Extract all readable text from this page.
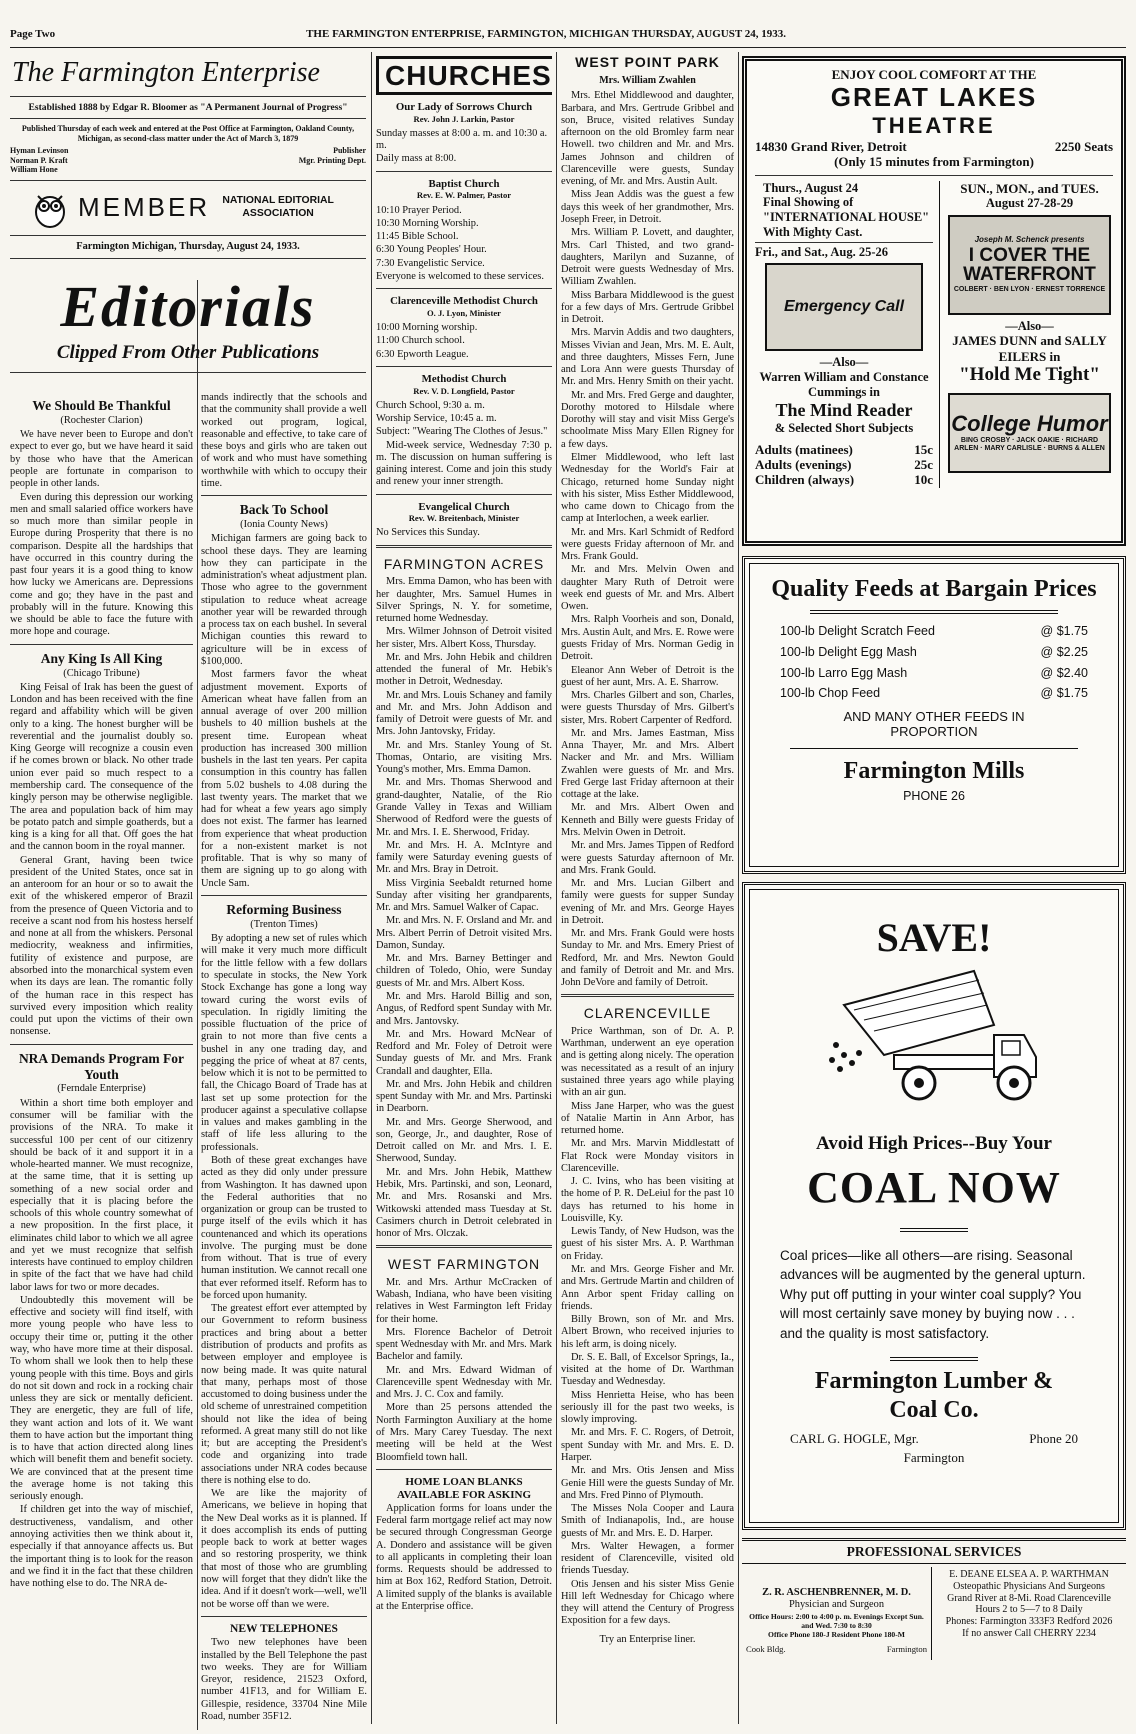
Page Two	THE FARMINGTON ENTERPRISE, FARMINGTON, MICHIGAN THURSDAY, AUGUST 24, 1933.
The Farmington Enterprise
Established 1888 by Edgar R. Bloomer as "A Permanent Journal of Progress"
Published Thursday of each week and entered at the Post Office at Farmington, Oakland County, Michigan, as second-class matter under the Act of March 3, 1879
Hyman Levinson
Norman P. Kraft
William Hone
Publisher
Mgr. Printing Dept.
MEMBER	NATIONAL EDITORIAL ASSOCIATION
Farmington Michigan, Thursday, August 24, 1933.
Editorials
Clipped From Other Publications
We Should Be Thankful
(Rochester Clarion)

We have never been to Europe and don't expect to ever go, but we have heard it said by those who have that the American people are fortunate in comparison to people in other lands.

Even during this depression our working men and small salaried office workers have so much more than similar people in Europe during Prosperity that there is no comparison. Despite all the hardships that have occurred in this country during the past four years it is a good thing to know how lucky we Americans are. Depressions come and go; they have in the past and probably will in the future. Knowing this we should be able to face the future with more hope and courage.

Any King Is All King
(Chicago Tribune)

King Feisal of Irak has been the guest of London and has been received with the fine regard and affability which will be given only to a king. The honest burgher will be reverential and the journalist doubly so. King George will recognize a cousin even if he comes brown or black. No other trade union ever paid so much respect to a membership card. The consequence of the kingly person may be otherwise negligible. The area and population back of him may be potato patch and simple goatherds, but a king is a king for all that. Off goes the hat and the cannon boom in the royal manner.

General Grant, having been twice president of the United States, once sat in an anteroom for an hour or so to await the exit of the whiskered emperor of Brazil from the presence of Queen Victoria and to receive a scant nod from his hostess herself and none at all from the whiskers. Personal mediocrity, weakness and infirmities, futility of existence and purpose, are absorbed into the monarchical system even when its days are lean. The romantic folly of the human race in this respect has survived every imposition which reality could put upon the victims of their own nonsense.

NRA Demands Program For Youth
(Ferndale Enterprise)

Within a short time both employer and consumer will be familiar with the provisions of the NRA. To make it successful 100 per cent of our citizenry should be back of it and support it in a whole-hearted manner. We must recognize, at the same time, that it is setting up something of a new social order and especially that it is placing before the schools of this whole country somewhat of a new proposition. In the first place, it eliminates child labor to which we all agree and yet we must recognize that selfish interests have continued to employ children in spite of the fact that we have had child labor laws for two or more decades.

Undoubtedly this movement will be effective and society will find itself, with more young people who have less to occupy their time or, putting it the other way, who have more time at their disposal. To whom shall we look then to help these young people with this time. Boys and girls do not sit down and rock in a rocking chair unless they are sick or mentally deficient. They are energetic, they are full of life, they want action and lots of it. We want them to have action but the important thing is to have that action directed along lines which will benefit them and benefit society. We are convinced that at the present time the average home is not taking this seriously enough.

If children get into the way of mischief, destructiveness, vandalism, and other annoying activities then we think about it, especially if that annoyance affects us. But the important thing is to look for the reason and we find it in the fact that these children have nothing else to do. The NRA de-

mands indirectly that the schools and that the community shall provide a well worked out program, logical, reasonable and effective, to take care of these boys and girls who are taken out of work and who must have something worthwhile with which to occupy their time.

Back To School
(Ionia County News)

Michigan farmers are going back to school these days. They are learning how they can participate in the administration's wheat adjustment plan. Those who agree to the government stipulation to reduce wheat acreage another year will be rewarded through a process tax on each bushel. In several Michigan counties this reward to agriculture will be in excess of $100,000.

Most farmers favor the wheat adjustment movement. Exports of American wheat have fallen from an annual average of over 200 million bushels to 40 million bushels at the present time. European wheat production has increased 300 million bushels in the last ten years. Per capita consumption in this country has fallen from 5.02 bushels to 4.08 during the last twenty years. The market that we had for wheat a few years ago simply does not exist. The farmer has learned from experience that wheat production for a non-existent market is not profitable. That is why so many of them are signing up to go along with Uncle Sam.

Reforming Business
(Trenton Times)

By adopting a new set of rules which will make it very much more difficult for the little fellow with a few dollars to speculate in stocks, the New York Stock Exchange has gone a long way toward curing the worst evils of speculation. In rigidly limiting the possible fluctuation of the price of grain to not more than five cents a bushel in any one trading day, and pegging the price of wheat at 87 cents, below which it is not to be permitted to fall, the Chicago Board of Trade has at last set up some protection for the producer against a speculative collapse in values and makes gambling in the staff of life less alluring to the professionals.

Both of these great exchanges have acted as they did only under pressure from Washington. It has dawned upon the Federal authorities that no organization or group can be trusted to purge itself of the evils which it has countenanced and which its operations involve. The purging must be done from without. That is true of every human institution. We cannot recall one that ever reformed itself. Reform has to be forced upon humanity.

The greatest effort ever attempted by our Government to reform business practices and bring about a better distribution of products and profits as between employer and employee is now being made. It was quite natural that many, perhaps most of those accustomed to doing business under the old scheme of unrestrained competition should not like the idea of being reformed. A great many still do not like it; but are accepting the President's code and organizing into trade associations under NRA codes because there is nothing else to do.

We are like the majority of Americans, we believe in hoping that the New Deal works as it is planned. If it does accomplish its ends of putting people back to work at better wages and so restoring prosperity, we think that most of those who are grumbling now will forget that they didn't like the idea. And if it doesn't work—well, we'll not be worse off than we were.

NEW TELEPHONES

Two new telephones have been installed by the Bell Telephone the past two weeks. They are for William Greyor, residence, 21523 Oxford, number 41F13, and for William E. Gillespie, residence, 33704 Nine Mile Road, number 35F12.

CHURCHES
Our Lady of Sorrows Church
Rev. John J. Larkin, Pastor

Sunday masses at 8:00 a. m. and 10:30 a. m.

Daily mass at 8:00.

Baptist Church
Rev. E. W. Palmer, Pastor

10:10 Prayer Period.

10:30 Morning Worship.

11:45 Bible School.

6:30 Young Peoples' Hour.

7:30 Evangelistic Service.

Everyone is welcomed to these services.

Clarenceville Methodist Church
O. J. Lyon, Minister

10:00 Morning worship.

11:00 Church school.

6:30 Epworth League.

Methodist Church
Rev. V. D. Longfield, Pastor

Church School, 9:30 a. m.

Worship Service, 10:45 a. m.

Subject: "Wearing The Clothes of Jesus."

Mid-week service, Wednesday 7:30 p. m. The discussion on human suffering is gaining interest. Come and join this study and renew your inner strength.

Evangelical Church
Rev. W. Breitenbach, Minister

No Services this Sunday.

FARMINGTON ACRES

Mrs. Emma Damon, who has been with her daughter, Mrs. Samuel Humes in Silver Springs, N. Y. for sometime, returned home Wednesday.

Mrs. Wilmer Johnson of Detroit visited her sister, Mrs. Albert Koss, Thursday.

Mr. and Mrs. John Hebik and children attended the funeral of Mr. Hebik's mother in Detroit, Wednesday.

Mr. and Mrs. Louis Schaney and family and Mr. and Mrs. John Addison and family of Detroit were guests of Mr. and Mrs. John Jantovsky, Friday.

Mr. and Mrs. Stanley Young of St. Thomas, Ontario, are visiting Mrs. Young's mother, Mrs. Emma Damon.

Mr. and Mrs. Thomas Sherwood and grand-daughter, Natalie, of the Rio Grande Valley in Texas and William Sherwood of Redford were the guests of Mr. and Mrs. I. E. Sherwood, Friday.

Mr. and Mrs. H. A. McIntyre and family were Saturday evening guests of Mr. and Mrs. Bray in Detroit.

Miss Virginia Seebaldt returned home Sunday after visiting her grandparents, Mr. and Mrs. Samuel Walker of Capac.

Mr. and Mrs. N. F. Orsland and Mr. and Mrs. Albert Perrin of Detroit visited Mrs. Damon, Sunday.

Mr. and Mrs. Barney Bettinger and children of Toledo, Ohio, were Sunday guests of Mr. and Mrs. Albert Koss.

Mr. and Mrs. Harold Billig and son, Angus, of Redford spent Sunday with Mr. and Mrs. Jantovsky.

Mr. and Mrs. Howard McNear of Redford and Mr. Foley of Detroit were Sunday guests of Mr. and Mrs. Frank Crandall and daughter, Ella.

Mr. and Mrs. John Hebik and children spent Sunday with Mr. and Mrs. Partinski in Dearborn.

Mr. and Mrs. George Sherwood, and son, George, Jr., and daughter, Rose of Detroit called on Mr. and Mrs. I. E. Sherwood, Sunday.

Mr. and Mrs. John Hebik, Matthew Hebik, Mrs. Partinski, and son, Leonard, Mr. and Mrs. Rosanski and Mrs. Witkowski attended mass Tuesday at St. Casimers church in Detroit celebrated in honor of Mrs. Olczak.

WEST FARMINGTON

Mr. and Mrs. Arthur McCracken of Wabash, Indiana, who have been visiting relatives in West Farmington left Friday for their home.

Mrs. Florence Bachelor of Detroit spent Wednesday with Mr. and Mrs. Mark Bachelor and family.

Mr. and Mrs. Edward Widman of Clarenceville spent Wednesday with Mr. and Mrs. J. C. Cox and family.

More than 25 persons attended the North Farmington Auxiliary at the home of Mrs. Mary Carey Tuesday. The next meeting will be held at the West Bloomfield town hall.

HOME LOAN BLANKS AVAILABLE FOR ASKING

Application forms for loans under the Federal farm mortgage relief act may now be secured through Congressman George A. Dondero and assistance will be given to all applicants in completing their loan forms. Requests should be addressed to him at Box 162, Redford Station, Detroit. A limited supply of the blanks is available at the Enterprise office.

WEST POINT PARK
Mrs. William Zwahlen

Mrs. Ethel Middlewood and daughter, Barbara, and Mrs. Gertrude Gribbel and son, Bruce, visited relatives Sunday afternoon on the old Bromley farm near Howell. two children and Mr. and Mrs. James Johnson and children of Clarenceville were guests, Sunday evening, of Mr. and Mrs. Austin Ault.

Miss Jean Addis was the guest a few days this week of her grandmother, Mrs. Joseph Freer, in Detroit.

Mrs. William P. Lovett, and daughter, Mrs. Carl Thisted, and two grand-daughters, Marilyn and Suzanne, of Detroit were guests Wednesday of Mrs. William Zwahlen.

Miss Barbara Middlewood is the guest for a few days of Mrs. Gertrude Gribbel in Detroit.

Mrs. Marvin Addis and two daughters, Misses Vivian and Jean, Mrs. M. E. Ault, and three daughters, Misses Fern, June and Lora Ann were guests Thursday of Mr. and Mrs. Henry Smith on their yacht.

Mr. and Mrs. Fred Gerge and daughter, Dorothy motored to Hilsdale where Dorothy will stay and visit Miss Gerge's schoolmate Miss Mary Ellen Rigney for a few days.

Elmer Middlewood, who left last Wednesday for the World's Fair at Chicago, returned home Sunday night with his sister, Miss Esther Middlewood, who came down to Chicago from the camp at Interlochen, a week earlier.

Mr. and Mrs. Karl Schmidt of Redford were guests Friday afternoon of Mr. and Mrs. Frank Gould.

Mr. and Mrs. Melvin Owen and daughter Mary Ruth of Detroit were week end guests of Mr. and Mrs. Albert Owen.

Mrs. Ralph Voorheis and son, Donald, Mrs. Austin Ault, and Mrs. E. Rowe were guests Friday of Mrs. Norman Gedig in Detroit.

Eleanor Ann Weber of Detroit is the guest of her aunt, Mrs. A. E. Sharrow.

Mrs. Charles Gilbert and son, Charles, were guests Thursday of Mrs. Gilbert's sister, Mrs. Robert Carpenter of Redford.

Mr. and Mrs. James Eastman, Miss Anna Thayer, Mr. and Mrs. Albert Nacker and Mr. and Mrs. William Zwahlen were guests of Mr. and Mrs. Fred Gerge last Friday afternoon at their cottage at the lake.

Mr. and Mrs. Albert Owen and Kenneth and Billy were guests Friday of Mrs. Melvin Owen in Detroit.

Mr. and Mrs. James Tippen of Redford were guests Saturday afternoon of Mr. and Mrs. Frank Gould.

Mr. and Mrs. Lucian Gilbert and family were guests for supper Sunday evening of Mr. and Mrs. George Hayes in Detroit.

Mr. and Mrs. Frank Gould were hosts Sunday to Mr. and Mrs. Emery Priest of Redford, Mr. and Mrs. Newton Gould and family of Detroit and Mr. and Mrs. John DeVore and family of Detroit.

CLARENCEVILLE

Price Warthman, son of Dr. A. P. Warthman, underwent an eye operation and is getting along nicely. The operation was necessitated as a result of an injury sustained three years ago while playing with an air gun.

Miss Jane Harper, who was the guest of Natalie Martin in Ann Arbor, has returned home.

Mr. and Mrs. Marvin Middlestatt of Flat Rock were Monday visitors in Clarenceville.

J. C. Ivins, who has been visiting at the home of P. R. DeLeiul for the past 10 days has returned to his home in Louisville, Ky.

Lewis Tandy, of New Hudson, was the guest of his sister Mrs. A. P. Warthman on Friday.

Mr. and Mrs. George Fisher and Mr. and Mrs. Gertrude Martin and children of Ann Arbor spent Friday calling on friends.

Billy Brown, son of Mr. and Mrs. Albert Brown, who received injuries to his left arm, is doing nicely.

Dr. S. E. Ball, of Excelsor Springs, Ia., visited at the home of Dr. Warthman Tuesday and Wednesday.

Miss Henrietta Heise, who has been seriously ill for the past two weeks, is slowly improving.

Mr. and Mrs. F. C. Rogers, of Detroit, spent Sunday with Mr. and Mrs. E. D. Harper.

Mr. and Mrs. Otis Jensen and Miss Genie Hill were the guests Sunday of Mr. and Mrs. Fred Pinno of Plymouth.

The Misses Nola Cooper and Laura Smith of Indianapolis, Ind., are house guests of Mr. and Mrs. E. D. Harper.

Mrs. Walter Hewagen, a former resident of Clarenceville, visited old friends Tuesday.

Otis Jensen and his sister Miss Genie Hill left Wednesday for Chicago where they will attend the Century of Progress Exposition for a few days.

Try an Enterprise liner.
ENJOY COOL COMFORT AT THE
GREAT LAKES
THEATRE
14830 Grand River, Detroit	2250 Seats
(Only 15 minutes from Farmington)
Thurs., August 24
Final Showing of
"INTERNATIONAL HOUSE"
With Mighty Cast.
Fri., and Sat., Aug. 25-26
Emergency Call
—Also—
Warren William and Constance Cummings in
The Mind Reader
& Selected Short Subjects
Adults (matinees)	15c
Adults (evenings)	25c
Children (always)	10c
SUN., MON., and TUES.
August 27-28-29
Joseph M. Schenck presents
I COVER THE WATERFRONT
COLBERT · BEN LYON · ERNEST TORRENCE
—Also—
JAMES DUNN and SALLY EILERS in
"Hold Me Tight"
College Humor
BING CROSBY · JACK OAKIE · RICHARD ARLEN · MARY CARLISLE · BURNS & ALLEN
Quality Feeds at Bargain Prices
100-lb Delight Scratch Feed	@ $1.75
100-lb Delight Egg Mash	@ $2.25
100-lb Larro Egg Mash	@ $2.40
100-lb Chop Feed	@ $1.75
AND MANY OTHER FEEDS IN PROPORTION
Farmington Mills
PHONE 26
SAVE!
Avoid High Prices--Buy Your
COAL NOW
Coal prices—like all others—are rising. Seasonal advances will be augmented by the general upturn. Why put off putting in your winter coal supply? You will most certainly save money by buying now . . . and the quality is most satisfactory.
Farmington Lumber & Coal Co.
CARL G. HOGLE, Mgr.	Phone 20
Farmington
PROFESSIONAL SERVICES
Z. R. ASCHENBRENNER, M. D.
Physician and Surgeon
Office Hours: 2:00 to 4:00 p. m. Evenings Except Sun. and Wed. 7:30 to 8:30
Office Phone 180-J Resident Phone 180-M
Cook Bldg.	Farmington
E. DEANE ELSEA A. P. WARTHMAN
Osteopathic Physicians And Surgeons
Grand River at 8-Mi. Road Clarenceville
Hours 2 to 5—7 to 8 Daily
Phones: Farmington 333F3 Redford 2026
If no answer Call CHERRY 2234
